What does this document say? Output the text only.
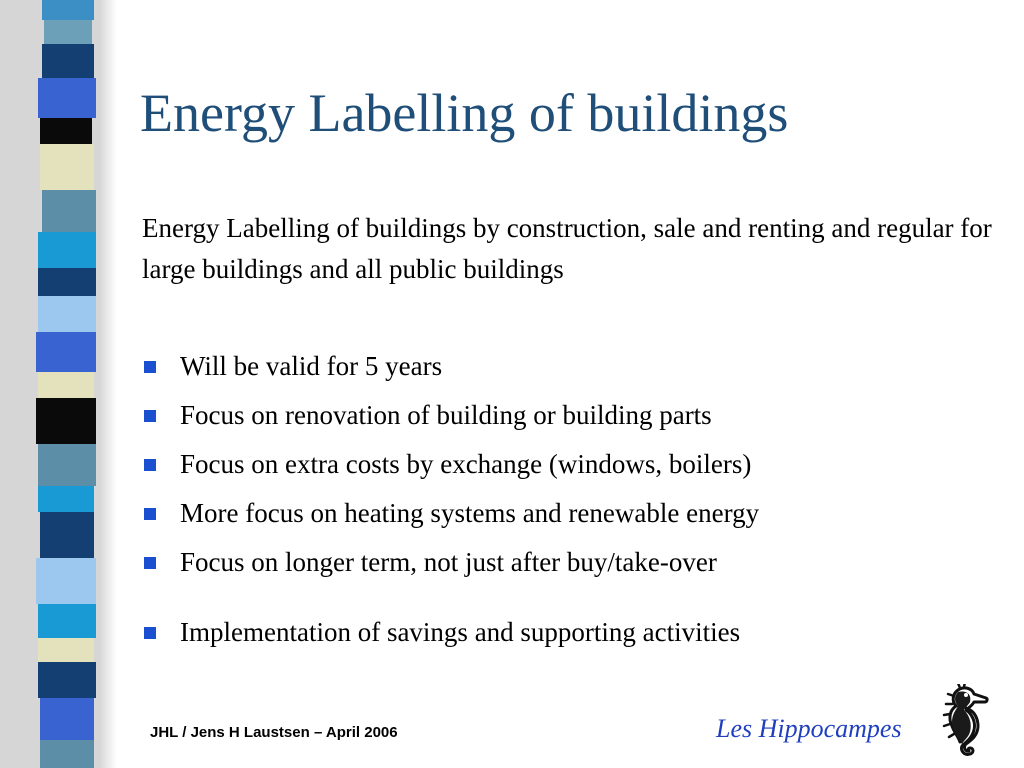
Energy Labelling of buildings
Energy Labelling of buildings by construction, sale and renting and regular for large buildings and all public buildings
Will be valid for 5 years
Focus on renovation of building or building parts
Focus on extra costs by exchange (windows, boilers)
More focus on heating systems and renewable energy
Focus on longer term, not just after buy/take-over
Implementation of savings and supporting activities
JHL / Jens H Laustsen – April 2006	Les Hippocampes
